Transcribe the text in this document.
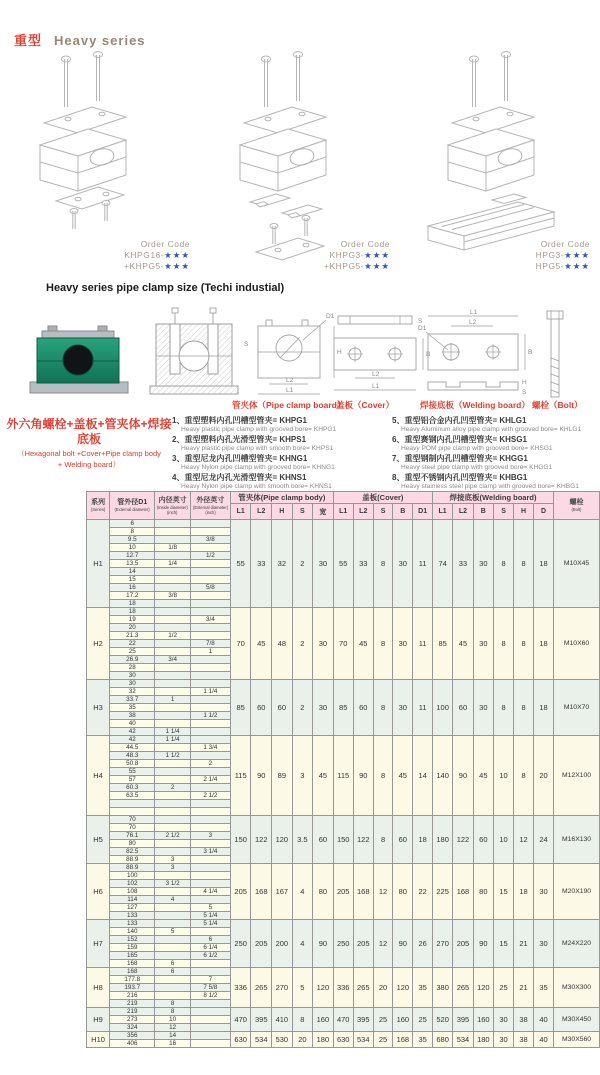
重型 Heavy series
Order Code
KHPG16-★★★
+KHPG5-★★★
Order Code
KHPG3-★★★
+KHPG5-★★★
Order Code
HPG3-★★★
HPG5-★★★
Heavy series pipe clamp size (Techi industial)
D1
S
L2
L1
H
S
L2
L1
B
L1
L2
D1
B
H
S
管夹体（Pipe clamp board）
盖板（Cover）	焊接底板（Welding board） 螺栓（Bolt）
外六角螺栓+盖板+管夹体+焊接底板
（Hexagonal bolt +Cover+Pipe clamp body
+ Welding board）
1、重型塑料内孔凹槽型管夹= KHPG1
Heavy plastic pipe clamp with grooved bore= KHPG1
2、重型塑料内孔光滑型管夹= KHPS1
Heavy plastic pipe clamp with smooth bore= KHPS1
3、重型尼龙内孔凹槽型管夹= KHNG1
Heavy Nylon pipe clamp with grooved bore= KHNG1
4、重型尼龙内孔光滑型管夹= KHNS1
Heavy Nylon pipe clamp with smooth bore= KHNS1
5、重型铝合金内孔凹型管夹= KHLG1
Heavy Aluminum alloy pipe clamp with grooved bore= KHLG1
6、重型赛钢内孔凹槽型管夹= KHSG1
Heavy POM pipe clamp with grooved bore= KHSG1
7、重型钢制内孔凹槽型管夹= KHGG1
Heavy steel pipe clamp with grooved bore= KHGG1
8、重型不锈钢内孔凹型管夹= KHBG1
Heavy stainless steel pipe clamp with grooved bore= KHBG1
系列
(Series)	管外径D1
(External diameter)	内径英寸
(Inside diameter)
(inch)	外径英寸
(External diameter)
(inch)	管夹体(Pipe clamp body)					盖板(Cover)					焊接底板(Welding board)						螺栓
(Bolt)

				L1	L2	H	S	宽	L1	L2	S	B	D1	L1	L2	B	S	H	D	
H1	6			55	33	32	2	30	55	33	8	30	11	74	33	30	8	8	18	M10X45
	8																			
	9.5		3/8																	
	10	1/8																		
	12.7		1/2																	
	13.5	1/4																		
	14																			
	15																			
	16		5/8																	
	17.2	3/8																		
	18																			
H2	18			70	45	48	2	30	70	45	8	30	11	85	45	30	8	8	18	M10X60
	19		3/4																	
	20																			
	21.3	1/2																		
	22		7/8																	
	25		1																	
	26.9	3/4																		
	28																			
	30																			
H3	30			85	60	60	2	30	85	60	8	30	11	100	60	30	8	8	18	M10X70
	32		1 1/4																	
	33.7	1																		
	35																			
	38		1 1/2																	
	40																			
	42	1 1/4																		
H4	42	1 1/4		115	90	89	3	45	115	90	8	45	14	140	90	45	10	8	20	M12X100
	44.5		1 3/4																	
	48.3	1 1/2																		
	50.8		2																	
	55																			
	57		2 1/4																	
	60.3	2																		
	63.5		2 1/2																	

H5	70			150	122	120	3.5	60	150	122	8	60	18	180	122	60	10	12	24	M16X130
	70																			
	76.1	2 1/2	3																	
	80																			
	82.5		3 1/4																	
	88.9	3																		
H6	88.9	3		205	168	167	4	80	205	168	12	80	22	225	168	80	15	18	30	M20X190
	100																			
	102	3 1/2																		
	108		4 1/4																	
	114	4																		
	127		5																	
	133		5 1/4																	
H7	133		5 1/4	250	205	200	4	90	250	205	12	90	26	270	205	90	15	21	30	M24X220
	140	5																		
	152		6																	
	159		6 1/4																	
	165		6 1/2																	
	168	6																		
H8	168	6		336	265	270	5	120	336	265	20	120	35	380	265	120	25	21	35	M30X300
	177.8		7																	
	193.7		7 5/8																	
	216		8 1/2																	
	219	8																		
H9	219	8		470	395	410	8	160	470	395	25	160	25	520	395	160	30	38	40	M30X450
	273	10																		
	324	12																		
H10	356	14		630	534	530	20	180	630	534	25	168	35	680	534	180	30	38	40	M30X560
	406	16																		
